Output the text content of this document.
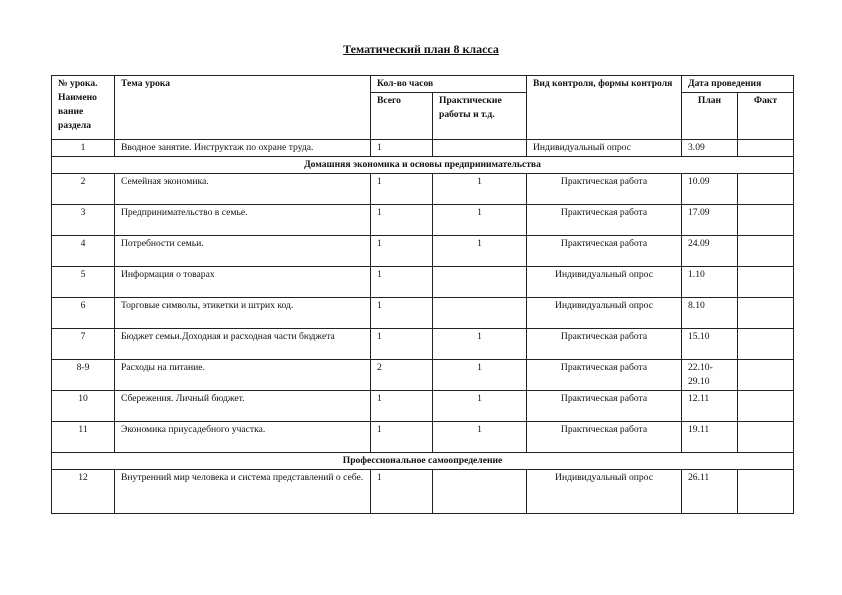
Тематический план 8 класса
№ урока. Наимено вание раздела	Тема урока	Кол-во часов		Вид контроля, формы контроля	Дата проведения	
		Всего	Практические работы и т.д.		План	Факт
1	Вводное занятие. Инструктаж по охране труда.	1		Индивидуальный опрос	3.09	
Домашняя экономика и основы предпринимательства						
2	Семейная экономика.	1	1	Практическая работа	10.09	
3	Предпринимательство в семье.	1	1	Практическая работа	17.09	
4	Потребности семьи.	1	1	Практическая работа	24.09	
5	Информация о товарах	1		Индивидуальный опрос	1.10	
6	Торговые символы, этикетки и штрих код.	1		Индивидуальный опрос	8.10	
7	Бюджет семьи.Доходная и расходная части бюджета	1	1	Практическая работа	15.10	
8-9	Расходы на питание.	2	1	Практическая работа	22.10- 29.10	
10	Сбережения. Личный бюджет.	1	1	Практическая работа	12.11	
11	Экономика приусадебного участка.	1	1	Практическая работа	19.11	
Профессиональное самоопределение						
12	Внутренний мир человека и система представлений о себе.	1		Индивидуальный опрос	26.11	
